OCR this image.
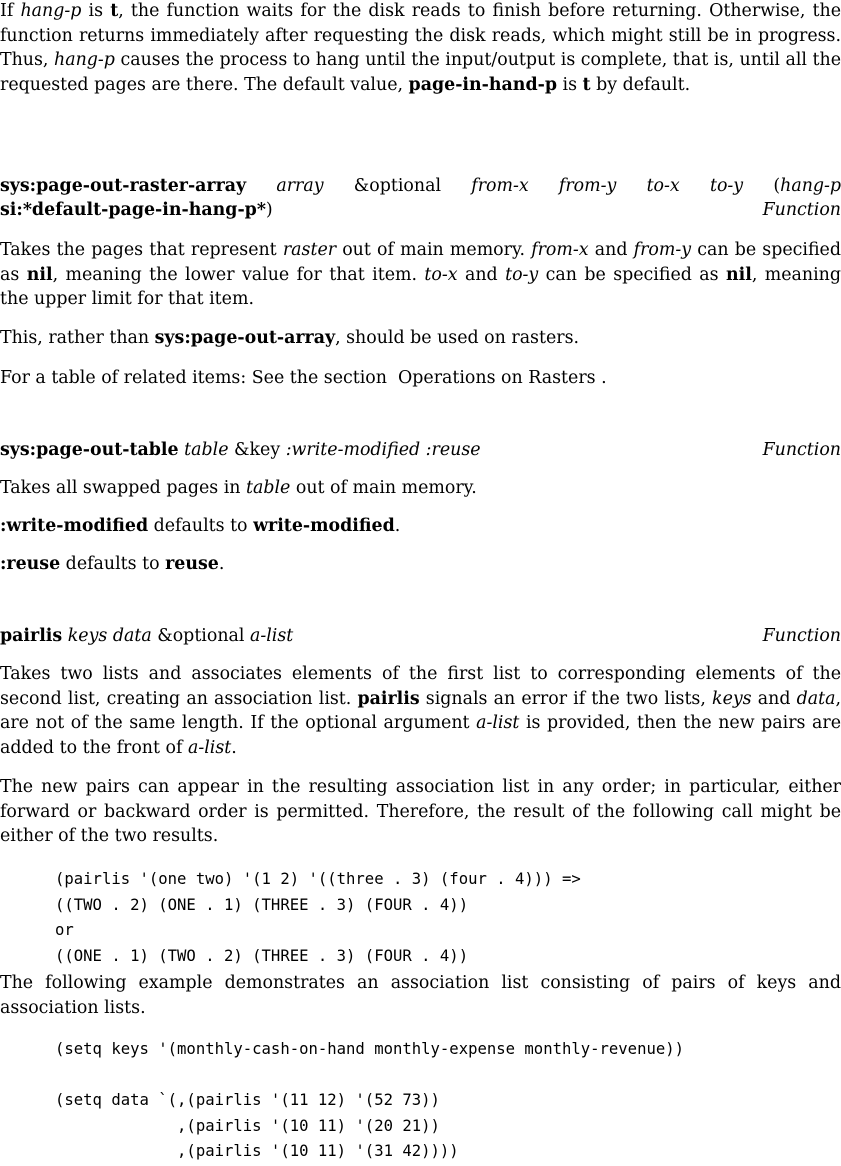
If hang-p is t, the function waits for the disk reads to finish before returning. Otherwise, the function returns immediately after requesting the disk reads, which might still be in progress. Thus, hang-p causes the process to hang until the input/output is complete, that is, until all the requested pages are there. The default value, page-in-hand-p is t by default.

sys:page-out-raster-array array &optional from-x from-y to-x to-y (hang-p
si:*default-page-in-hang-p*)	Function

Takes the pages that represent raster out of main memory. from-x and from-y can be specified as nil, meaning the lower value for that item. to-x and to-y can be specified as nil, meaning the upper limit for that item.

This, rather than sys:page-out-array, should be used on rasters.

For a table of related items: See the section  Operations on Rasters .

sys:page-out-table table &key :write-modified :reuse	Function

Takes all swapped pages in table out of main memory.

:write-modified defaults to write-modified.

:reuse defaults to reuse.

pairlis keys data &optional a-list	Function

Takes two lists and associates elements of the first list to corresponding elements of the second list, creating an association list. pairlis signals an error if the two lists, keys and data, are not of the same length. If the optional argument a-list is provided, then the new pairs are added to the front of a-list.

The new pairs can appear in the resulting association list in any order; in particular, either forward or backward order is permitted. Therefore, the result of the following call might be either of the two results.

(pairlis '(one two) '(1 2) '((three . 3) (four . 4))) =>
((TWO . 2) (ONE . 1) (THREE . 3) (FOUR . 4))
or
((ONE . 1) (TWO . 2) (THREE . 3) (FOUR . 4))

The following example demonstrates an association list consisting of pairs of keys and association lists.

(setq keys '(monthly-cash-on-hand monthly-expense monthly-revenue))

(setq data `(,(pairlis '(11 12) '(52 73))
,(pairlis '(10 11) '(20 21))
,(pairlis '(10 11) '(31 42))))
